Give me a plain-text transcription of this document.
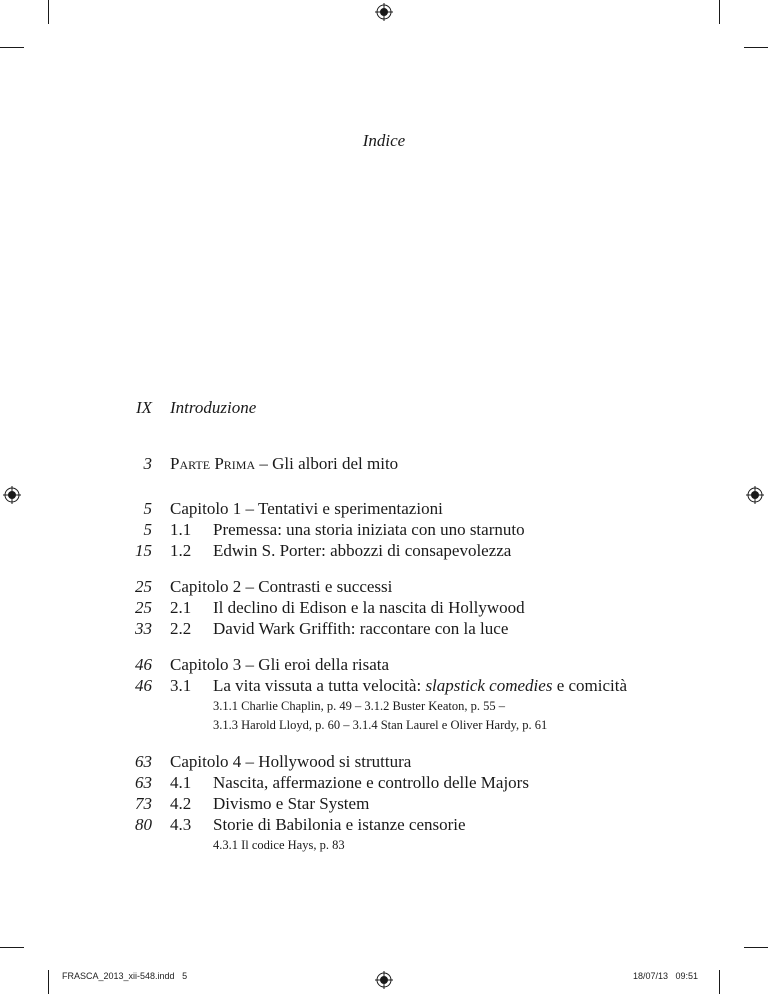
Indice
IX Introduzione
3 Parte Prima – Gli albori del mito
5 Capitolo 1 – Tentativi e sperimentazioni
5 1.1 Premessa: una storia iniziata con uno starnuto
15 1.2 Edwin S. Porter: abbozzi di consapevolezza
25 Capitolo 2 – Contrasti e successi
25 2.1 Il declino di Edison e la nascita di Hollywood
33 2.2 David Wark Griffith: raccontare con la luce
46 Capitolo 3 – Gli eroi della risata
46 3.1 La vita vissuta a tutta velocità: slapstick comedies e comicità
3.1.1 Charlie Chaplin, p. 49 – 3.1.2 Buster Keaton, p. 55 –
3.1.3 Harold Lloyd, p. 60 – 3.1.4 Stan Laurel e Oliver Hardy, p. 61
63 Capitolo 4 – Hollywood si struttura
63 4.1 Nascita, affermazione e controllo delle Majors
73 4.2 Divismo e Star System
80 4.3 Storie di Babilonia e istanze censorie
4.3.1 Il codice Hays, p. 83
FRASCA_2013_xii-548.indd   5	18/07/13   09:51
